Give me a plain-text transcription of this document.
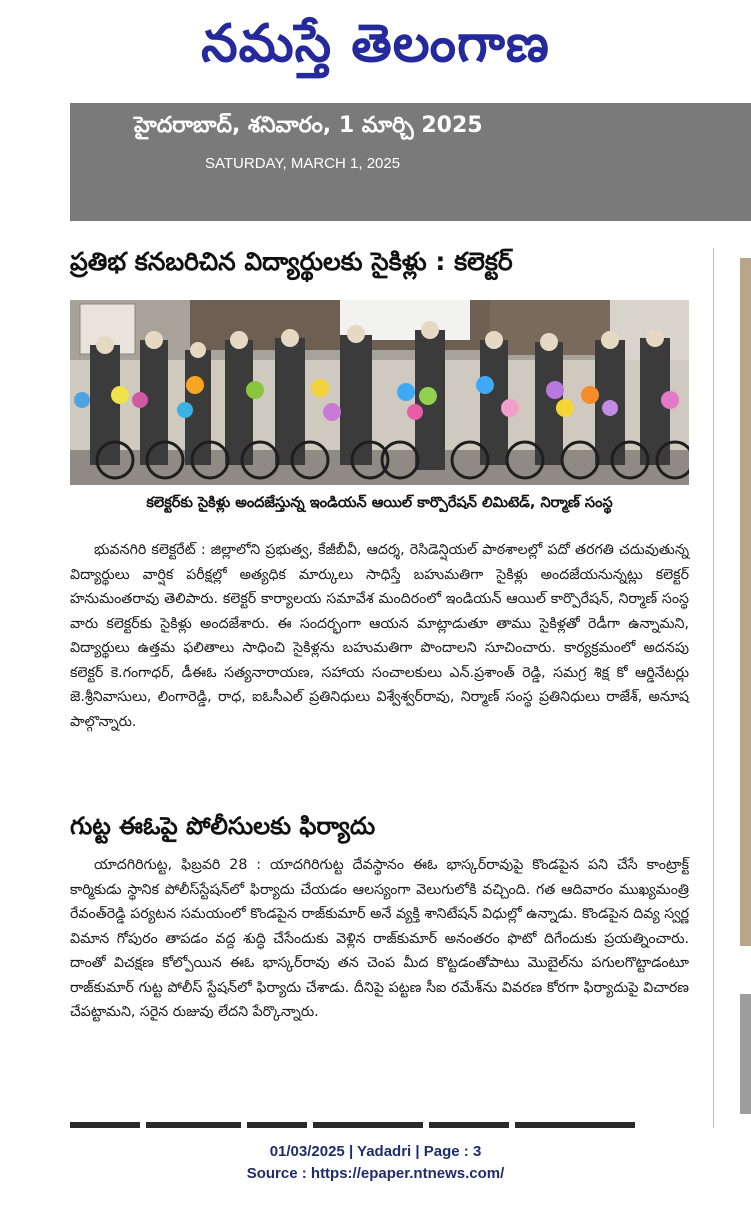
నమస్తే తెలంగాణ
హైదరాబాద్, శనివారం, 1 మార్చి 2025
SATURDAY, MARCH 1, 2025
ప్రతిభ కనబరిచిన విద్యార్థులకు సైకిళ్లు : కలెక్టర్
కలెక్టర్‌కు సైకిళ్లు అందజేస్తున్న ఇండియన్ ఆయిల్ కార్పొరేషన్ లిమిటెడ్, నిర్మాణ్ సంస్థ
భువనగిరి కలెక్టరేట్ : జిల్లాలోని ప్రభుత్వ, కేజీబీవీ, ఆదర్శ, రెసిడెన్షియల్ పాఠశాలల్లో పదో తరగతి చదువుతున్న విద్యార్థులు వార్షిక పరీక్షల్లో అత్యధిక మార్కులు సాధిస్తే బహుమతిగా సైకిళ్లు అందజేయనున్నట్లు కలెక్టర్ హనుమంతరావు తెలిపారు. కలెక్టర్ కార్యాలయ సమావేశ మందిరంలో ఇండియన్ ఆయిల్ కార్పొరేషన్, నిర్మాణ్ సంస్థ వారు కలెక్టర్‌కు సైకిళ్లు అందజేశారు. ఈ సందర్భంగా ఆయన మాట్లాడుతూ తాము సైకిళ్లతో రెడీగా ఉన్నామని, విద్యార్థులు ఉత్తమ ఫలితాలు సాధించి సైకిళ్లను బహుమతిగా పొందాలని సూచించారు. కార్యక్రమంలో అదనపు కలెక్టర్ కె.గంగాధర్, డీఈఓ సత్యనారాయణ, సహాయ సంచాలకులు ఎన్.ప్రశాంత్ రెడ్డి, సమగ్ర శిక్ష కో ఆర్డినేటర్లు జె.శ్రీనివాసులు, లింగారెడ్డి, రాధ, ఐఓసీఎల్ ప్రతినిధులు విశ్వేశ్వర్‌రావు, నిర్మాణ్ సంస్థ ప్రతినిధులు రాజేశ్, అనూష పాల్గొన్నారు.
గుట్ట ఈఓపై పోలీసులకు ఫిర్యాదు
యాదగిరిగుట్ట, ఫిబ్రవరి 28 : యాదగిరిగుట్ట దేవస్థానం ఈఓ భాస్కర్‌రావుపై కొండపైన పని చేసే కాంట్రాక్ట్ కార్మికుడు స్థానిక పోలీస్‌స్టేషన్‌లో ఫిర్యాదు చేయడం ఆలస్యంగా వెలుగులోకి వచ్చింది. గత ఆదివారం ముఖ్యమంత్రి రేవంత్‌రెడ్డి పర్యటన సమయంలో కొండపైన రాజ్‌కుమార్ అనే వ్యక్తి శానిటేషన్ విధుల్లో ఉన్నాడు. కొండపైన దివ్య స్వర్ణ విమాన గోపురం తాపడం వద్ద శుద్ధి చేసేందుకు వెళ్లిన రాజ్‌కుమార్ అనంతరం ఫొటో దిగేందుకు ప్రయత్నించారు. దాంతో విచక్షణ కోల్పోయిన ఈఓ భాస్కర్‌రావు తన చెంప మీద కొట్టడంతోపాటు మొబైల్‌ను పగులగొట్టాడంటూ రాజ్‌కుమార్ గుట్ట పోలీస్ స్టేషన్‌లో ఫిర్యాదు చేశాడు. దీనిపై పట్టణ సీఐ రమేశ్‌ను వివరణ కోరగా ఫిర్యాదుపై విచారణ చేపట్టామని, సరైన రుజువు లేదని పేర్కొన్నారు.
01/03/2025 | Yadadri | Page : 3
Source : https://epaper.ntnews.com/
